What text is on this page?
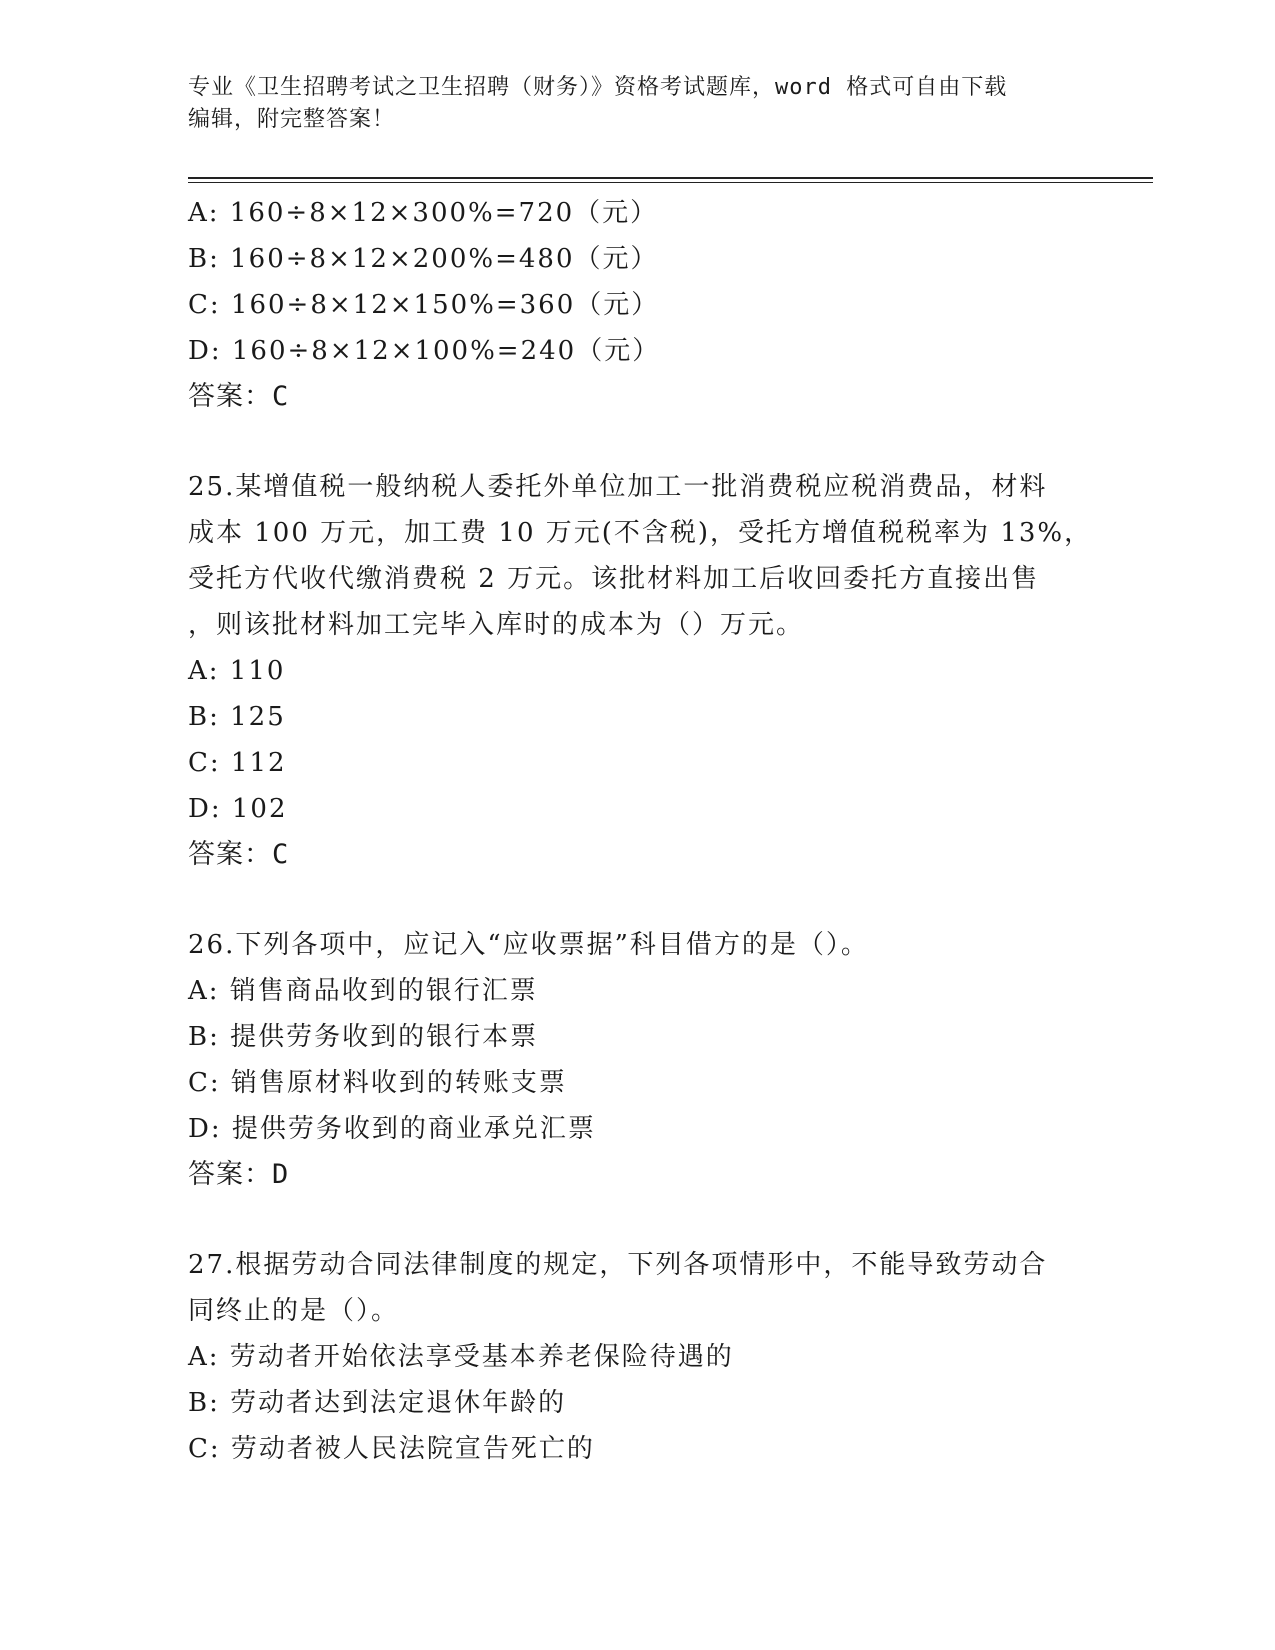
专业《卫生招聘考试之卫生招聘（财务）》资格考试题库，word 格式可自由下载
编辑，附完整答案！
A: 160÷8×12×300%=720（元）
B: 160÷8×12×200%=480（元）
C: 160÷8×12×150%=360（元）
D: 160÷8×12×100%=240（元）
答案：C
25.某增值税一般纳税人委托外单位加工一批消费税应税消费品，材料
成本 100 万元，加工费 10 万元(不含税)，受托方增值税税率为 13%，
受托方代收代缴消费税 2 万元。该批材料加工后收回委托方直接出售
，则该批材料加工完毕入库时的成本为（）万元。
A: 110
B: 125
C: 112
D: 102
答案：C
26.下列各项中，应记入“应收票据”科目借方的是（）。
A: 销售商品收到的银行汇票
B: 提供劳务收到的银行本票
C: 销售原材料收到的转账支票
D: 提供劳务收到的商业承兑汇票
答案：D
27.根据劳动合同法律制度的规定，下列各项情形中，不能导致劳动合
同终止的是（）。
A: 劳动者开始依法享受基本养老保险待遇的
B: 劳动者达到法定退休年龄的
C: 劳动者被人民法院宣告死亡的
